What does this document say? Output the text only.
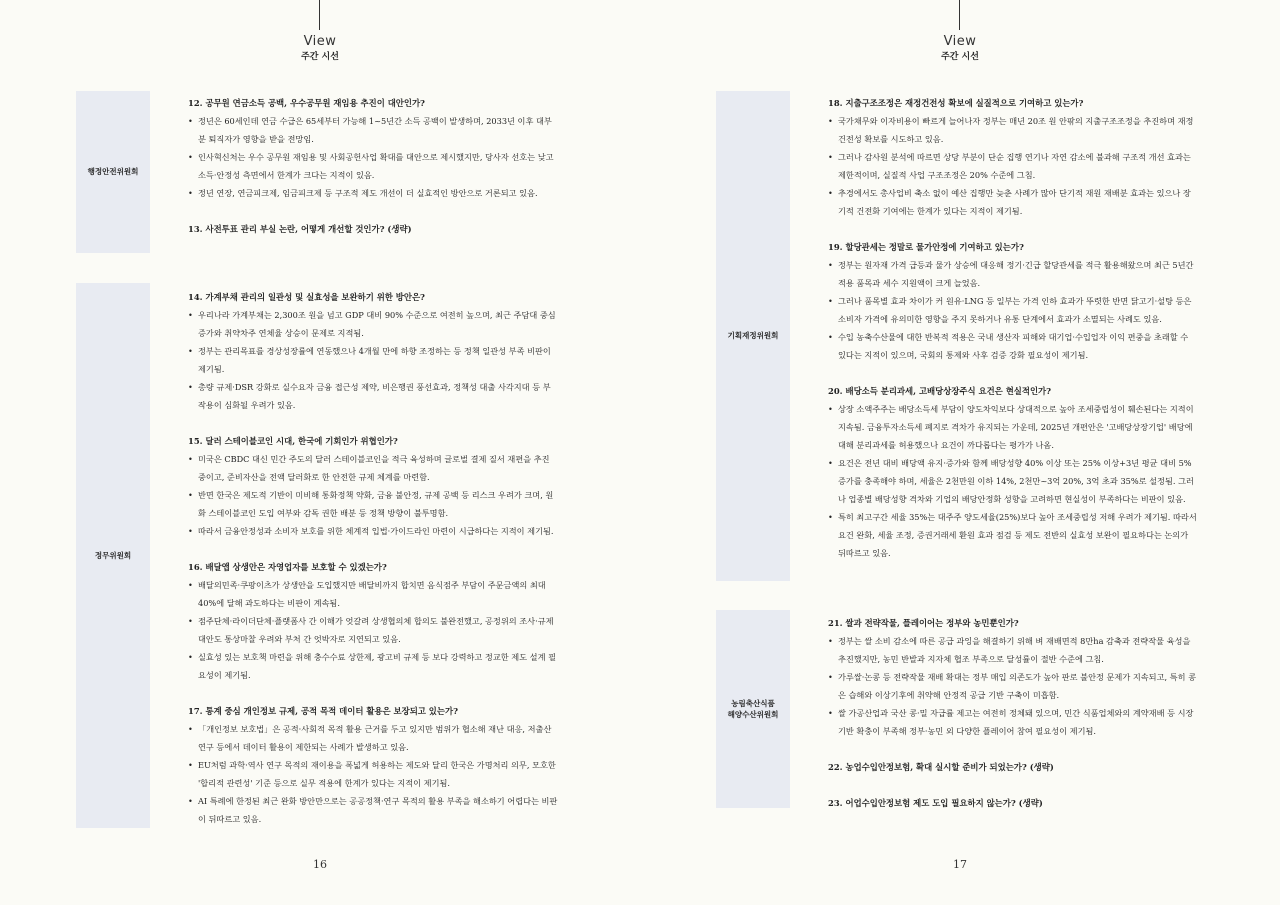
View
주간 시선
행정안전위원회
정무위원회
12. 공무원 연금소득 공백, 우수공무원 재임용 추진이 대안인가?
• 정년은 60세인데 연금 수급은 65세부터 가능해 1~5년간 소득 공백이 발생하며, 2033년 이후 대부분 퇴직자가 영향을 받을 전망임.
• 인사혁신처는 우수 공무원 재임용 및 사회공헌사업 확대를 대안으로 제시했지만, 당사자 선호는 낮고 소득·안정성 측면에서 한계가 크다는 지적이 있음.
• 정년 연장, 연금피크제, 임금피크제 등 구조적 제도 개선이 더 실효적인 방안으로 거론되고 있음.
13. 사전투표 관리 부실 논란, 어떻게 개선할 것인가? (생략)
14. 가계부채 관리의 일관성 및 실효성을 보완하기 위한 방안은?
• 우리나라 가계부채는 2,300조 원을 넘고 GDP 대비 90% 수준으로 여전히 높으며, 최근 주담대 중심 증가와 취약차주 연체율 상승이 문제로 지적됨.
• 정부는 관리목표를 경상성장률에 연동했으나 4개월 만에 하향 조정하는 등 정책 일관성 부족 비판이 제기됨.
• 총량 규제·DSR 강화로 실수요자 금융 접근성 제약, 비은행권 풍선효과, 정책성 대출 사각지대 등 부작용이 심화될 우려가 있음.
15. 달러 스테이블코인 시대, 한국에 기회인가 위협인가?
• 미국은 CBDC 대신 민간 주도의 달러 스테이블코인을 적극 육성하며 글로벌 결제 질서 재편을 추진 중이고, 준비자산을 전액 달러화로 한 안전한 규제 체계를 마련함.
• 반면 한국은 제도적 기반이 미비해 통화정책 약화, 금융 불안정, 규제 공백 등 리스크 우려가 크며, 원화 스테이블코인 도입 여부와 감독 권한 배분 등 정책 방향이 불투명함.
• 따라서 금융안정성과 소비자 보호를 위한 체계적 입법·가이드라인 마련이 시급하다는 지적이 제기됨.
16. 배달앱 상생안은 자영업자를 보호할 수 있겠는가?
• 배달의민족·쿠팡이츠가 상생안을 도입했지만 배달비까지 합치면 음식점주 부담이 주문금액의 최대 40%에 달해 과도하다는 비판이 계속됨.
• 점주단체·라이더단체·플랫폼사 간 이해가 엇갈려 상생협의체 합의도 불완전했고, 공정위의 조사·규제 대안도 통상마찰 우려와 부처 간 엇박자로 지연되고 있음.
• 실효성 있는 보호책 마련을 위해 충수수료 상한제, 광고비 규제 등 보다 강력하고 정교한 제도 설계 필요성이 제기됨.
17. 통계 중심 개인정보 규제, 공적 목적 데이터 활용은 보장되고 있는가?
• 「개인정보 보호법」은 공적·사회적 목적 활용 근거를 두고 있지만 범위가 협소해 재난 대응, 저출산 연구 등에서 데이터 활용이 제한되는 사례가 발생하고 있음.
• EU처럼 과학·역사 연구 목적의 재이용을 폭넓게 허용하는 제도와 달리 한국은 가명처리 의무, 모호한 '합리적 관련성' 기준 등으로 실무 적용에 한계가 있다는 지적이 제기됨.
• AI 특례에 한정된 최근 완화 방안만으로는 공공정책·연구 목적의 활용 부족을 해소하기 어렵다는 비판이 뒤따르고 있음.
16
View
주간 시선
기획재정위원회
농림축산식품
해양수산위원회
18. 지출구조조정은 재정건전성 확보에 실질적으로 기여하고 있는가?
• 국가채무와 이자비용이 빠르게 늘어나자 정부는 매년 20조 원 안팎의 지출구조조정을 추진하며 재정건전성 확보를 시도하고 있음.
• 그러나 감사원 분석에 따르면 상당 부분이 단순 집행 연기나 자연 감소에 불과해 구조적 개선 효과는 제한적이며, 실질적 사업 구조조정은 20% 수준에 그침.
• 추경에서도 총사업비 축소 없이 예산 집행만 늦춘 사례가 많아 단기적 재원 재배분 효과는 있으나 장기적 건전화 기여에는 한계가 있다는 지적이 제기됨.
19. 할당관세는 정말로 물가안정에 기여하고 있는가?
• 정부는 원자재 가격 급등과 물가 상승에 대응해 정기·긴급 할당관세를 적극 활용해왔으며 최근 5년간 적용 품목과 세수 지원액이 크게 늘었음.
• 그러나 품목별 효과 차이가 커 원유·LNG 등 일부는 가격 인하 효과가 뚜렷한 반면 닭고기·설탕 등은 소비자 가격에 유의미한 영향을 주지 못하거나 유통 단계에서 효과가 소멸되는 사례도 있음.
• 수입 농축수산물에 대한 반복적 적용은 국내 생산자 피해와 대기업·수입업자 이익 편중을 초래할 수 있다는 지적이 있으며, 국회의 통제와 사후 검증 강화 필요성이 제기됨.
20. 배당소득 분리과세, 고배당상장주식 요건은 현실적인가?
• 상장 소액주주는 배당소득세 부담이 양도차익보다 상대적으로 높아 조세중립성이 훼손된다는 지적이 지속됨. 금융투자소득세 폐지로 격차가 유지되는 가운데, 2025년 개편안은 '고배당상장기업' 배당에 대해 분리과세를 허용했으나 요건이 까다롭다는 평가가 나옴.
• 요건은 전년 대비 배당액 유지·증가와 함께 배당성향 40% 이상 또는 25% 이상+3년 평균 대비 5% 증가를 충족해야 하며, 세율은 2천만원 이하 14%, 2천만~3억 20%, 3억 초과 35%로 설정됨. 그러나 업종별 배당성향 격차와 기업의 배당안정화 성향을 고려하면 현실성이 부족하다는 비판이 있음.
• 특히 최고구간 세율 35%는 대주주 양도세율(25%)보다 높아 조세중립성 저해 우려가 제기됨. 따라서 요건 완화, 세율 조정, 증권거래세 환원 효과 점검 등 제도 전반의 실효성 보완이 필요하다는 논의가 뒤따르고 있음.
21. 쌀과 전략작물, 플레이어는 정부와 농민뿐인가?
• 정부는 쌀 소비 감소에 따른 공급 과잉을 해결하기 위해 벼 재배면적 8만ha 감축과 전략작물 육성을 추진했지만, 농민 반발과 지자체 협조 부족으로 달성률이 절반 수준에 그침.
• 가루쌀·논콩 등 전략작물 재배 확대는 정부 매입 의존도가 높아 판로 불안정 문제가 지속되고, 특히 콩은 습해와 이상기후에 취약해 안정적 공급 기반 구축이 미흡함.
• 쌀 가공산업과 국산 콩·밀 자급률 제고는 여전히 정체돼 있으며, 민간 식품업체와의 계약재배 등 시장 기반 확충이 부족해 정부·농민 외 다양한 플레이어 참여 필요성이 제기됨.
22. 농업수입안정보험, 확대 실시할 준비가 되었는가? (생략)
23. 어업수입안정보험 제도 도입 필요하지 않는가? (생략)
17
